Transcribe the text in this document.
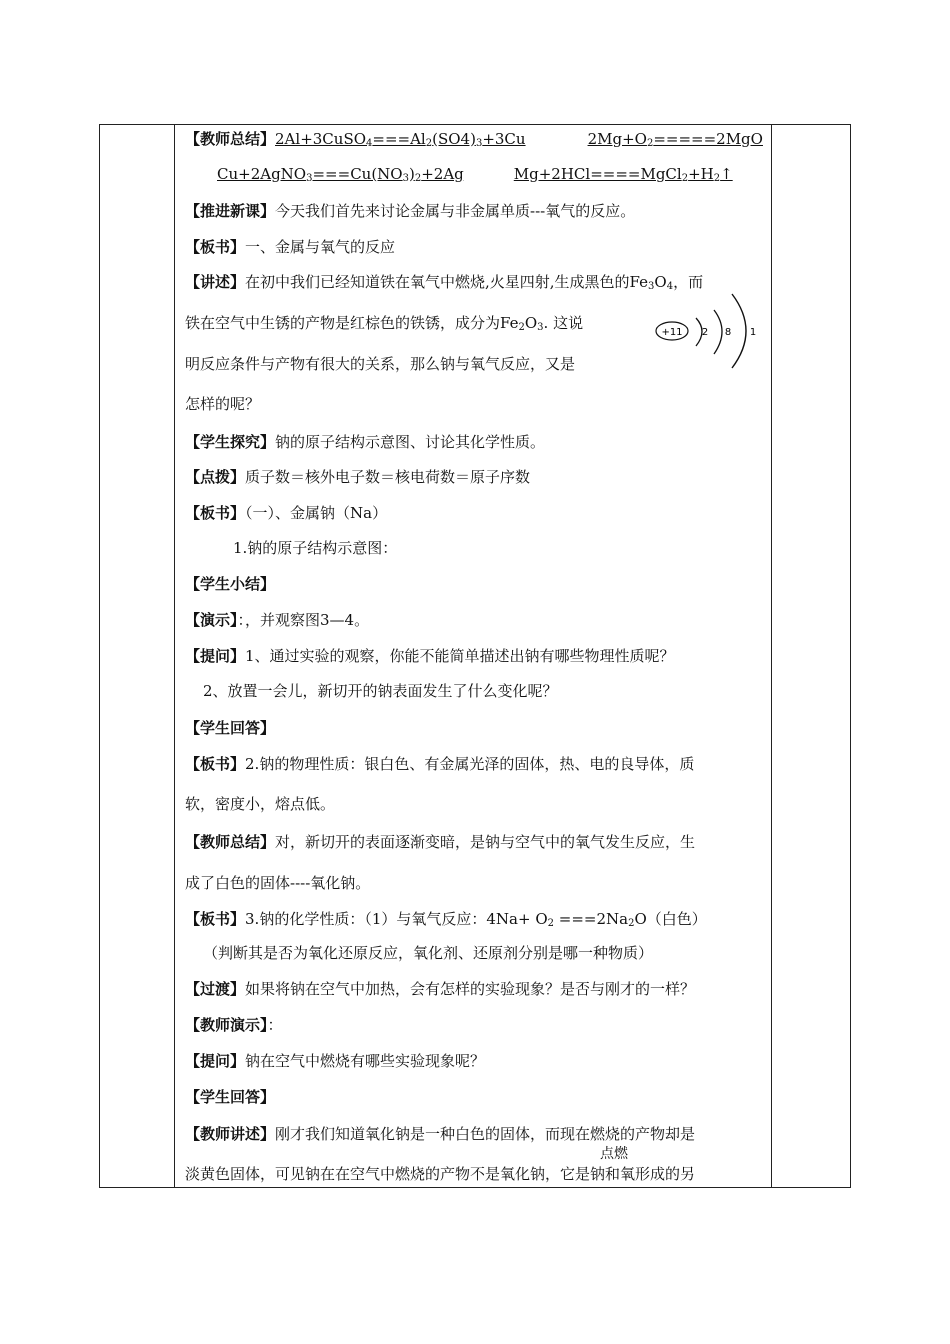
【教师总结】$2Al+3CuSO_4===Al_2(SO4)_3+3Cu$	$2Mg+O_2=====2MgO$
$Cu+2AgNO_3===Cu(NO_3)_2+2Ag$	$Mg+2HCl====MgCl_2+H_2↑$
【推进新课】今天我们首先来讨论金属与非金属单质---氧气的反应。
【板书】一、金属与氧气的反应
【讲述】在初中我们已经知道铁在氧气中燃烧,火星四射,生成黑色的$Fe_3O_4$，而
铁在空气中生锈的产物是红棕色的铁锈，成分为$Fe_2O_3$. 这说
明反应条件与产物有很大的关系，那么钠与氧气反应，又是
怎样的呢？
【学生探究】钠的原子结构示意图、讨论其化学性质。
【点拨】质子数＝核外电子数＝核电荷数＝原子序数
【板书】（一）、金属钠（Na）
1.钠的原子结构示意图：
【学生小结】
【演示】：，并观察图3—4。
【提问】1、通过实验的观察，你能不能简单描述出钠有哪些物理性质呢？
2、放置一会儿，新切开的钠表面发生了什么变化呢？
【学生回答】
【板书】2.钠的物理性质：银白色、有金属光泽的固体，热、电的良导体，质
软，密度小，熔点低。
【教师总结】对，新切开的表面逐渐变暗，是钠与空气中的氧气发生反应，生
成了白色的固体----氧化钠。
【板书】3.钠的化学性质：（1）与氧气反应：$4Na+ O_2 ===2Na_2O$（白色）
（判断其是否为氧化还原反应，氧化剂、还原剂分别是哪一种物质）
【过渡】如果将钠在空气中加热，会有怎样的实验现象？是否与刚才的一样？
【教师演示】：
【提问】钠在空气中燃烧有哪些实验现象呢？
【学生回答】
【教师讲述】刚才我们知道氧化钠是一种白色的固体，而现在燃烧的产物却是
淡黄色固体，可见钠在在空气中燃烧的产物不是氧化钠，它是钠和氧形成的另
点燃
+11 2 8 1
